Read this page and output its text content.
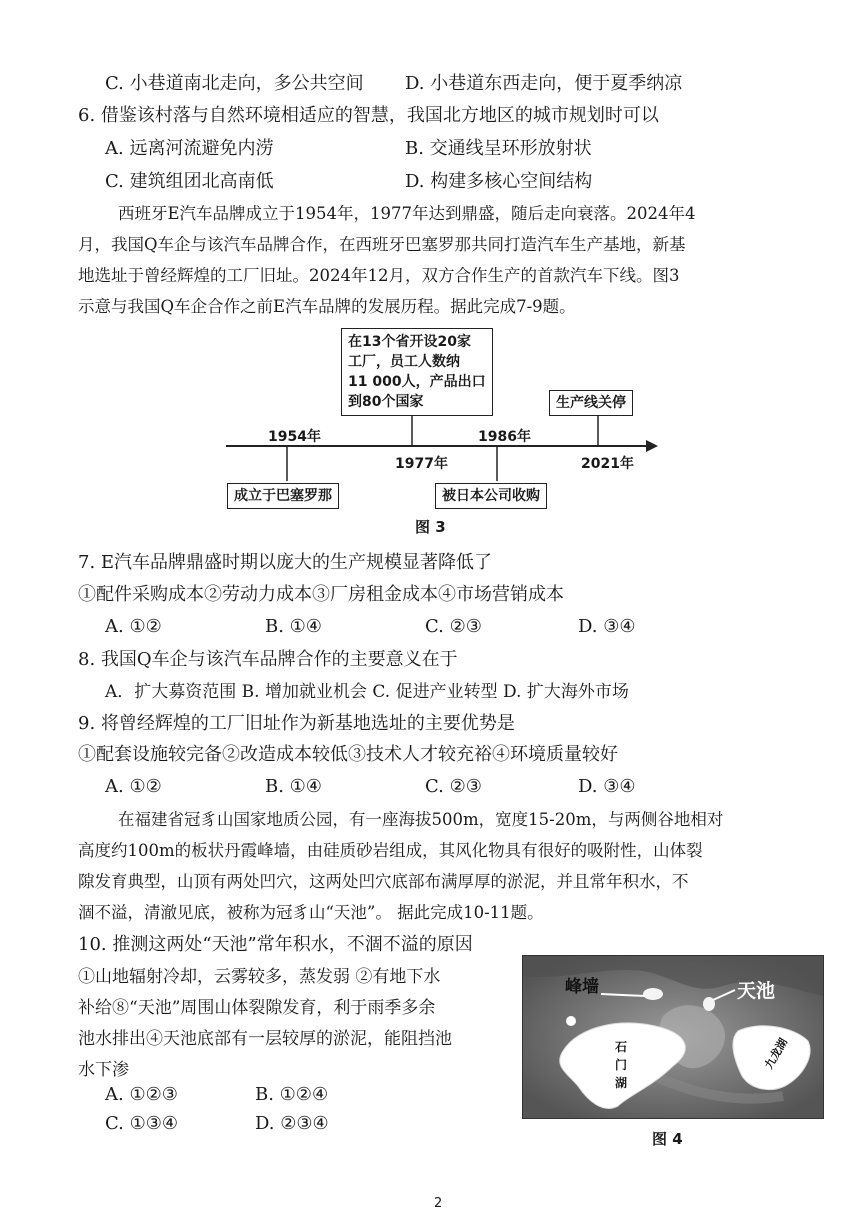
C. 小巷道南北走向，多公共空间 D. 小巷道东西走向，便于夏季纳凉
6. 借鉴该村落与自然环境相适应的智慧，我国北方地区的城市规划时可以
A. 远离河流避免内涝	B. 交通线呈环形放射状
C. 建筑组团北高南低	D. 构建多核心空间结构
西班牙E汽车品牌成立于1954年，1977年达到鼎盛，随后走向衰落。2024年4
月，我国Q车企与该汽车品牌合作，在西班牙巴塞罗那共同打造汽车生产基地，新基
地选址于曾经辉煌的工厂旧址。2024年12月，双方合作生产的首款汽车下线。图3
示意与我国Q车企合作之前E汽车品牌的发展历程。据此完成7-9题。
在13个省开设20家
工厂，员工人数纳
11 000人，产品出口
到80个国家	生产线关停
成立于巴塞罗那	被日本公司收购
1954年
1977年
1986年
2021年
图 3
7. E汽车品牌鼎盛时期以庞大的生产规模显著降低了
①配件采购成本②劳动力成本③厂房租金成本④市场营销成本
A. ①②	B. ①④	C. ②③	D. ③④
8. 我国Q车企与该汽车品牌合作的主要意义在于
A．扩大募资范围 B. 增加就业机会 C. 促进产业转型 D. 扩大海外市场
9. 将曾经辉煌的工厂旧址作为新基地选址的主要优势是
①配套设施较完备②改造成本较低③技术人才较充裕④环境质量较好
A. ①②	B. ①④	C. ②③	D. ③④
在福建省冠豸山国家地质公园，有一座海拔500m，宽度15-20m，与两侧谷地相对
高度约100m的板状丹霞峰墙，由硅质砂岩组成，其风化物具有很好的吸附性，山体裂
隙发育典型，山顶有两处凹穴，这两处凹穴底部布满厚厚的淤泥，并且常年积水，不
涸不溢，清澈见底，被称为冠豸山“天池”。 据此完成10-11题。
10. 推测这两处“天池”常年积水，不涸不溢的原因
①山地辐射冷却，云雾较多，蒸发弱 ②有地下水
补给⑧“天池”周围山体裂隙发育，利于雨季多余
池水排出④天池底部有一层较厚的淤泥，能阻挡池
水下渗
A. ①②③	B. ①②④
C. ①③④	D. ②③④
峰墙	天池
石门湖
九龙湖
图 4
2
